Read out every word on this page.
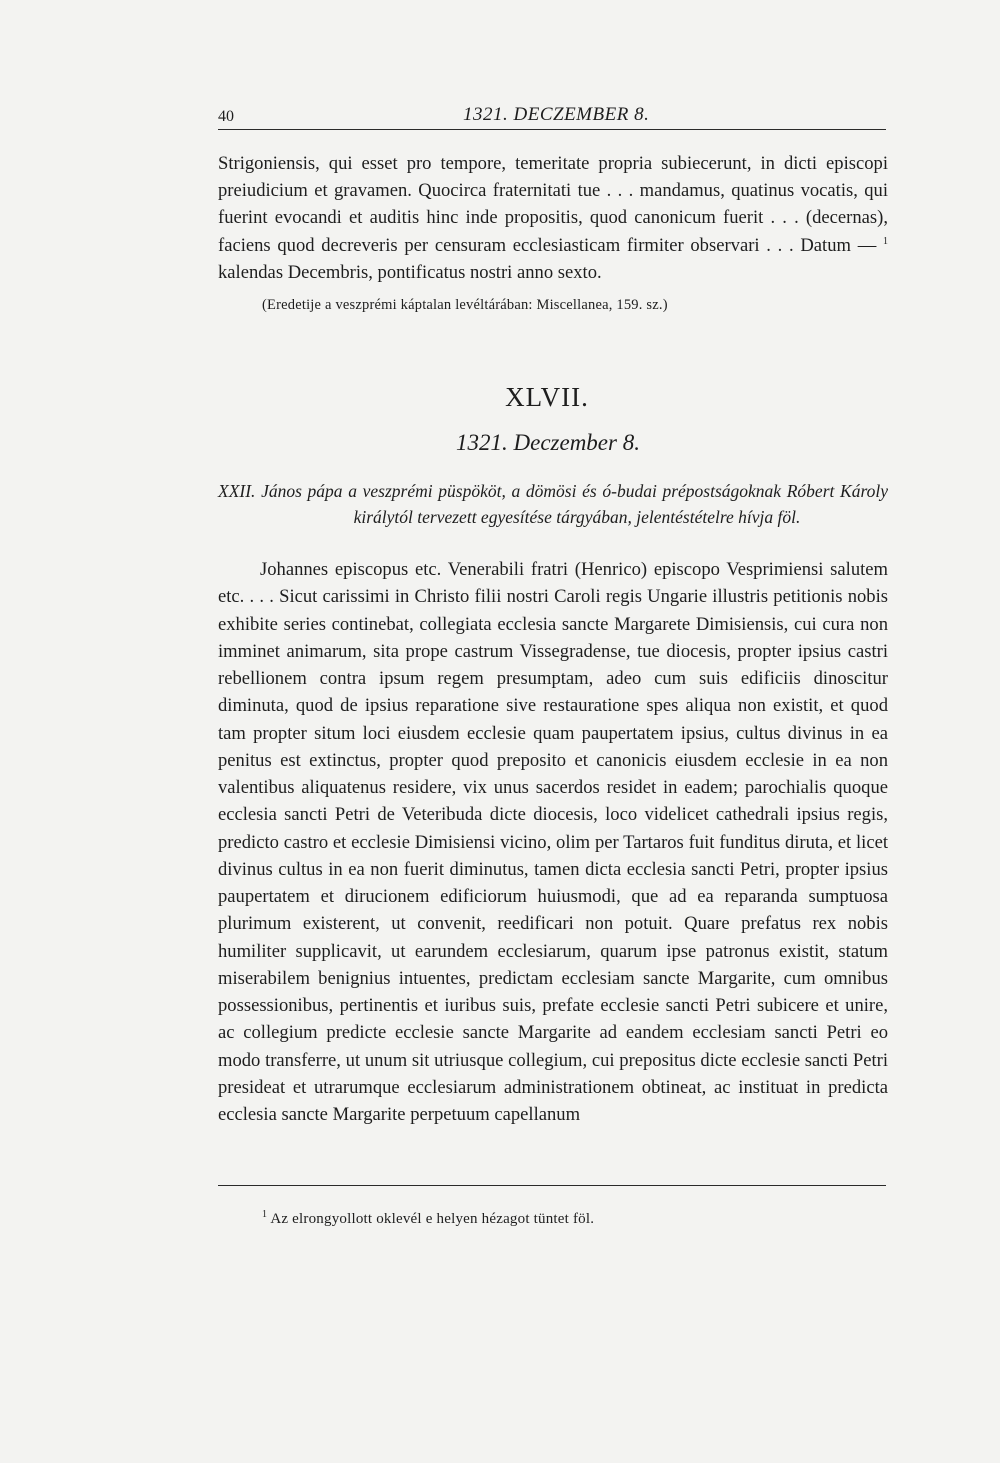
40	1321. DECZEMBER 8.
Strigoniensis, qui esset pro tempore, temeritate propria subiecerunt, in dicti episcopi preiudicium et gravamen. Quocirca fraternitati tue . . . mandamus, quatinus vocatis, qui fuerint evocandi et auditis hinc inde propositis, quod canonicum fuerit . . . (decernas), faciens quod decreveris per censuram ecclesiasticam firmiter observari . . . Datum — $^1$ kalendas Decembris, pontificatus nostri anno sexto.
(Eredetije a veszprémi káptalan levéltárában: Miscellanea, 159. sz.)
XLVII.
1321. Deczember 8.

XXII. János pápa a veszprémi püspököt, a dömösi és ó-budai prépostságoknak Róbert Károly királytól tervezett egyesítése tárgyában, jelentéstételre hívja föl.

Johannes episcopus etc. Venerabili fratri (Henrico) episcopo Vesprimiensi salutem etc. . . . Sicut carissimi in Christo filii nostri Caroli regis Ungarie illustris petitionis nobis exhibite series continebat, collegiata ecclesia sancte Margarete Dimisiensis, cui cura non imminet animarum, sita prope castrum Vissegradense, tue diocesis, propter ipsius castri rebellionem contra ipsum regem presumptam, adeo cum suis edificiis dinoscitur diminuta, quod de ipsius reparatione sive restauratione spes aliqua non existit, et quod tam propter situm loci eiusdem ecclesie quam paupertatem ipsius, cultus divinus in ea penitus est extinctus, propter quod preposito et canonicis eiusdem ecclesie in ea non valentibus aliquatenus residere, vix unus sacerdos residet in eadem; parochialis quoque ecclesia sancti Petri de Veteribuda dicte diocesis, loco videlicet cathedrali ipsius regis, predicto castro et ecclesie Dimisiensi vicino, olim per Tartaros fuit funditus diruta, et licet divinus cultus in ea non fuerit diminutus, tamen dicta ecclesia sancti Petri, propter ipsius paupertatem et dirucionem edificiorum huiusmodi, que ad ea reparanda sumptuosa plurimum existerent, ut convenit, reedificari non potuit. Quare prefatus rex nobis humiliter supplicavit, ut earundem ecclesiarum, quarum ipse patronus existit, statum miserabilem benignius intuentes, predictam ecclesiam sancte Margarite, cum omnibus possessionibus, pertinentis et iuribus suis, prefate ecclesie sancti Petri subicere et unire, ac collegium predicte ecclesie sancte Margarite ad eandem ecclesiam sancti Petri eo modo transferre, ut unum sit utriusque collegium, cui prepositus dicte ecclesie sancti Petri presideat et utrarumque ecclesiarum administrationem obtineat, ac instituat in predicta ecclesia sancte Margarite perpetuum capellanum

$^1$ Az elrongyollott oklevél e helyen hézagot tüntet föl.
